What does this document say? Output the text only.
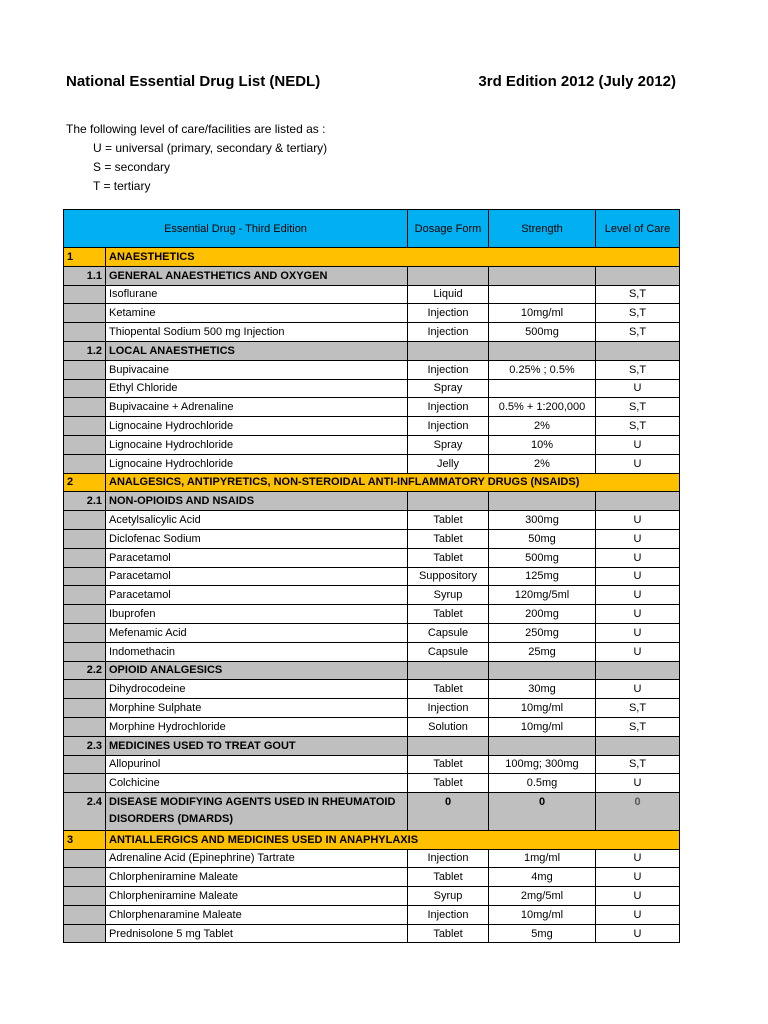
National Essential Drug List (NEDL)	3rd Edition 2012 (July 2012)
The following level of care/facilities are listed as :
U = universal (primary, secondary & tertiary)
S = secondary
T = tertiary
Essential Drug - Third Edition		Dosage Form	Strength	Level of Care
1	ANAESTHETICS			
1.1	GENERAL ANAESTHETICS AND OXYGEN			
	Isoflurane	Liquid		S,T
	Ketamine	Injection	10mg/ml	S,T
	Thiopental Sodium 500 mg Injection	Injection	500mg	S,T
1.2	LOCAL ANAESTHETICS			
	Bupivacaine	Injection	0.25% ; 0.5%	S,T
	Ethyl Chloride	Spray		U
	Bupivacaine + Adrenaline	Injection	0.5% + 1:200,000	S,T
	Lignocaine Hydrochloride	Injection	2%	S,T
	Lignocaine Hydrochloride	Spray	10%	U
	Lignocaine Hydrochloride	Jelly	2%	U
2	ANALGESICS, ANTIPYRETICS, NON-STEROIDAL ANTI-INFLAMMATORY DRUGS (NSAIDS)			
2.1	NON-OPIOIDS AND NSAIDS			
	Acetylsalicylic Acid	Tablet	300mg	U
	Diclofenac Sodium	Tablet	50mg	U
	Paracetamol	Tablet	500mg	U
	Paracetamol	Suppository	125mg	U
	Paracetamol	Syrup	120mg/5ml	U
	Ibuprofen	Tablet	200mg	U
	Mefenamic Acid	Capsule	250mg	U
	Indomethacin	Capsule	25mg	U
2.2	OPIOID ANALGESICS			
	Dihydrocodeine	Tablet	30mg	U
	Morphine Sulphate	Injection	10mg/ml	S,T
	Morphine Hydrochloride	Solution	10mg/ml	S,T
2.3	MEDICINES USED TO TREAT GOUT			
	Allopurinol	Tablet	100mg; 300mg	S,T
	Colchicine	Tablet	0.5mg	U
2.4	DISEASE MODIFYING AGENTS USED IN RHEUMATOID DISORDERS (DMARDS)	0	0	0
3	ANTIALLERGICS AND MEDICINES USED IN ANAPHYLAXIS			
	Adrenaline Acid (Epinephrine) Tartrate	Injection	1mg/ml	U
	Chlorpheniramine Maleate	Tablet	4mg	U
	Chlorpheniramine Maleate	Syrup	2mg/5ml	U
	Chlorphenaramine Maleate	Injection	10mg/ml	U
	Prednisolone 5 mg Tablet	Tablet	5mg	U
